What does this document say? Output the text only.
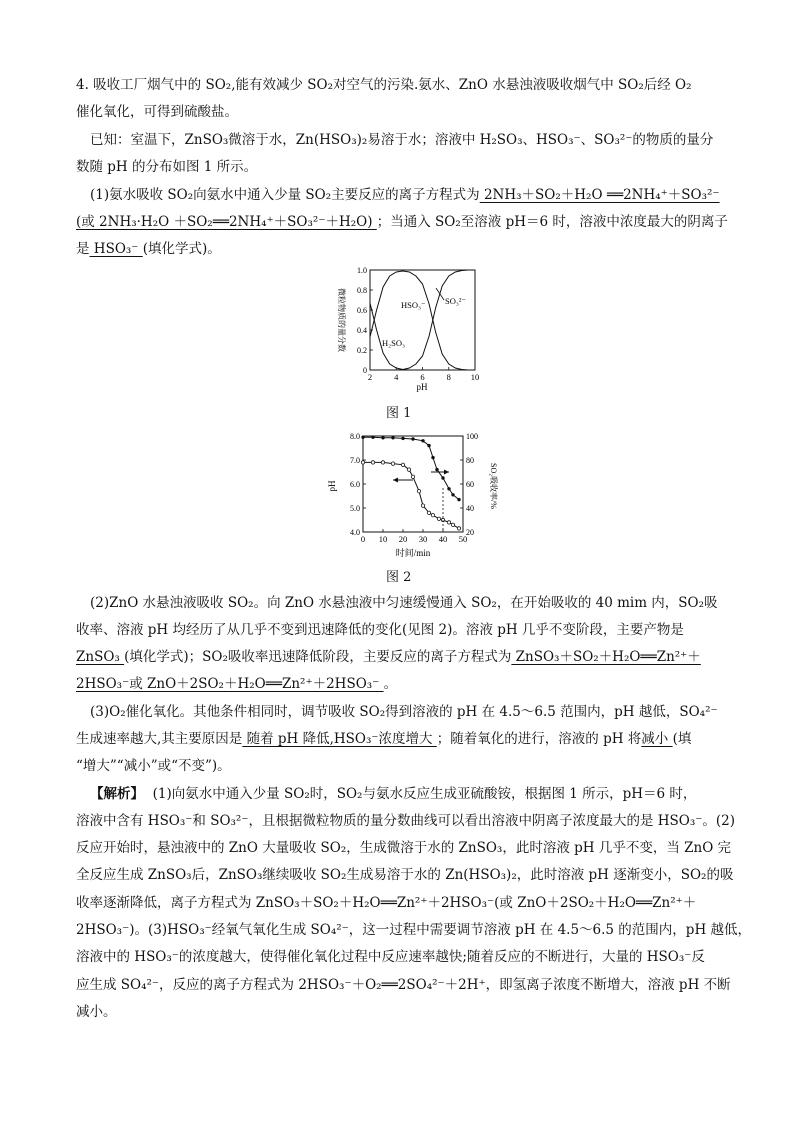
4. 吸收工厂烟气中的 SO₂,能有效减少 SO₂对空气的污染.氨水、ZnO 水悬浊液吸收烟气中 SO₂后经 O₂
催化氧化，可得到硫酸盐。
已知：室温下，ZnSO₃微溶于水，Zn(HSO₃)₂易溶于水；溶液中 H₂SO₃、HSO₃⁻、SO₃²⁻的物质的量分
数随 pH 的分布如图 1 所示。
(1)氨水吸收 SO₂向氨水中通入少量 SO₂主要反应的离子方程式为 2NH₃＋SO₂＋H₂O ══2NH₄⁺＋SO₃²⁻
(或 2NH₃·H₂O ＋SO₂══2NH₄⁺＋SO₃²⁻＋H₂O) ；当通入 SO₂至溶液 pH＝6 时，溶液中浓度最大的阴离子
是 HSO₃⁻ (填化学式)。
2	4	6	8 10
0
0.2
0.4
0.6
0.8
1.0
微粒物质的量分数
pH
HSO₃⁻ SO₃²⁻
H₂SO₃
图 1
0 10 20 30 40 50
4.0
5.0
6.0
7.0
8.0
20
40
60
80
100
pH	SO₂吸收率/%
时间/min
图 2
(2)ZnO 水悬浊液吸收 SO₂。向 ZnO 水悬浊液中匀速缓慢通入 SO₂，在开始吸收的 40 mim 内，SO₂吸
收率、溶液 pH 均经历了从几乎不变到迅速降低的变化(见图 2)。溶液 pH 几乎不变阶段，主要产物是
ZnSO₃ (填化学式)；SO₂吸收率迅速降低阶段，主要反应的离子方程式为 ZnSO₃＋SO₂＋H₂O══Zn²⁺＋
2HSO₃⁻或 ZnO＋2SO₂＋H₂O══Zn²⁺＋2HSO₃⁻ 。
(3)O₂催化氧化。其他条件相同时，调节吸收 SO₂得到溶液的 pH 在 4.5～6.5 范围内，pH 越低，SO₄²⁻
生成速率越大,其主要原因是 随着 pH 降低,HSO₃⁻浓度增大 ；随着氧化的进行，溶液的 pH 将减小 (填
“增大”“减小”或“不变”)。
【解析】 (1)向氨水中通入少量 SO₂时，SO₂与氨水反应生成亚硫酸铵，根据图 1 所示，pH＝6 时，
溶液中含有 HSO₃⁻和 SO₃²⁻，且根据微粒物质的量分数曲线可以看出溶液中阴离子浓度最大的是 HSO₃⁻。(2)
反应开始时，悬浊液中的 ZnO 大量吸收 SO₂，生成微溶于水的 ZnSO₃，此时溶液 pH 几乎不变，当 ZnO 完
全反应生成 ZnSO₃后，ZnSO₃继续吸收 SO₂生成易溶于水的 Zn(HSO₃)₂，此时溶液 pH 逐渐变小，SO₂的吸
收率逐渐降低，离子方程式为 ZnSO₃＋SO₂＋H₂O══Zn²⁺＋2HSO₃⁻(或 ZnO＋2SO₂＋H₂O══Zn²⁺＋
2HSO₃⁻)。(3)HSO₃⁻经氧气氧化生成 SO₄²⁻，这一过程中需要调节溶液 pH 在 4.5～6.5 的范围内，pH 越低，
溶液中的 HSO₃⁻的浓度越大，使得催化氧化过程中反应速率越快;随着反应的不断进行，大量的 HSO₃⁻反
应生成 SO₄²⁻，反应的离子方程式为 2HSO₃⁻＋O₂══2SO₄²⁻＋2H⁺，即氢离子浓度不断增大，溶液 pH 不断
减小。
